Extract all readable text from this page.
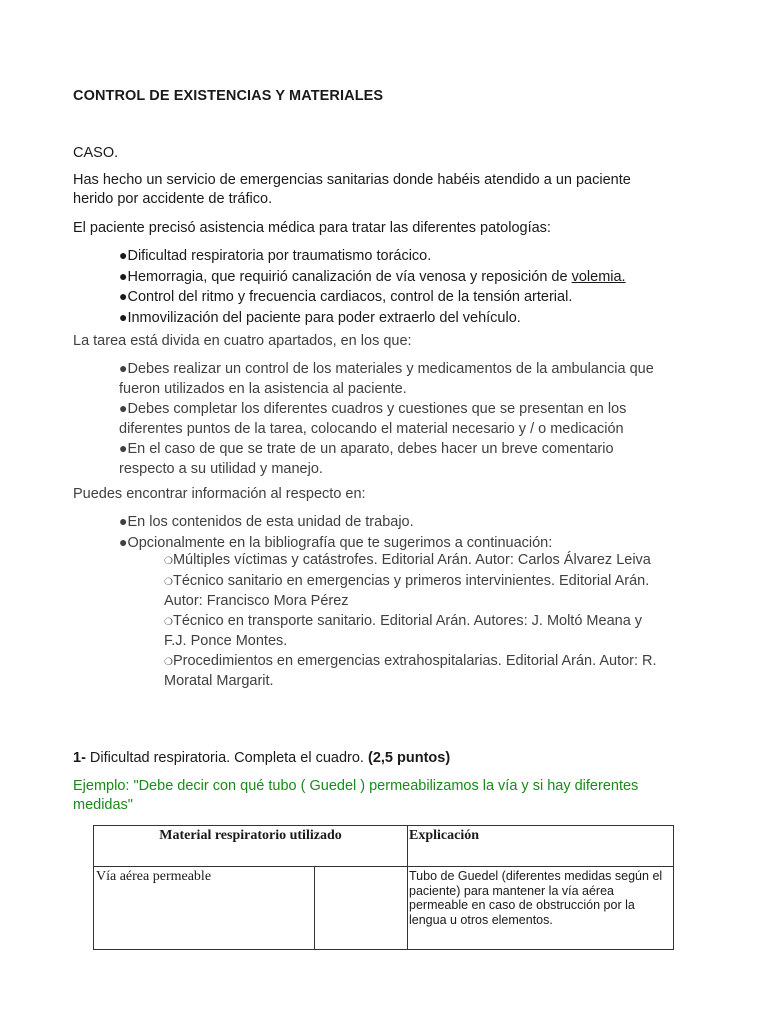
CONTROL DE EXISTENCIAS Y MATERIALES
CASO.
Has hecho un servicio de emergencias sanitarias donde habéis atendido a un paciente
herido por accidente de tráfico.
El paciente precisó asistencia médica para tratar las diferentes patologías:
●Dificultad respiratoria por traumatismo torácico.
●Hemorragia, que requirió canalización de vía venosa y reposición de volemia.
●Control del ritmo y frecuencia cardiacos, control de la tensión arterial.
●Inmovilización del paciente para poder extraerlo del vehículo.
La tarea está divida en cuatro apartados, en los que:
●Debes realizar un control de los materiales y medicamentos de la ambulancia que
fueron utilizados en la asistencia al paciente.
●Debes completar los diferentes cuadros y cuestiones que se presentan en los
diferentes puntos de la tarea, colocando el material necesario y / o medicación
●En el caso de que se trate de un aparato, debes hacer un breve comentario
respecto a su utilidad y manejo.
Puedes encontrar información al respecto en:
●En los contenidos de esta unidad de trabajo.
●Opcionalmente en la bibliografía que te sugerimos a continuación:
❍Múltiples víctimas y catástrofes. Editorial Arán. Autor: Carlos Álvarez Leiva
❍Técnico sanitario en emergencias y primeros intervinientes. Editorial Arán.
Autor: Francisco Mora Pérez
❍Técnico en transporte sanitario. Editorial Arán. Autores: J. Moltó Meana y
F.J. Ponce Montes.
❍Procedimientos en emergencias extrahospitalarias. Editorial Arán. Autor: R.
Moratal Margarit.
1- Dificultad respiratoria. Completa el cuadro. (2,5 puntos)
Ejemplo: "Debe decir con qué tubo ( Guedel ) permeabilizamos la vía y si hay diferentes
medidas"
Material respiratorio utilizado		Explicación
Vía aérea permeable		Tubo de Guedel (diferentes medidas según el paciente) para mantener la vía aérea permeable en caso de obstrucción por la lengua u otros elementos.
